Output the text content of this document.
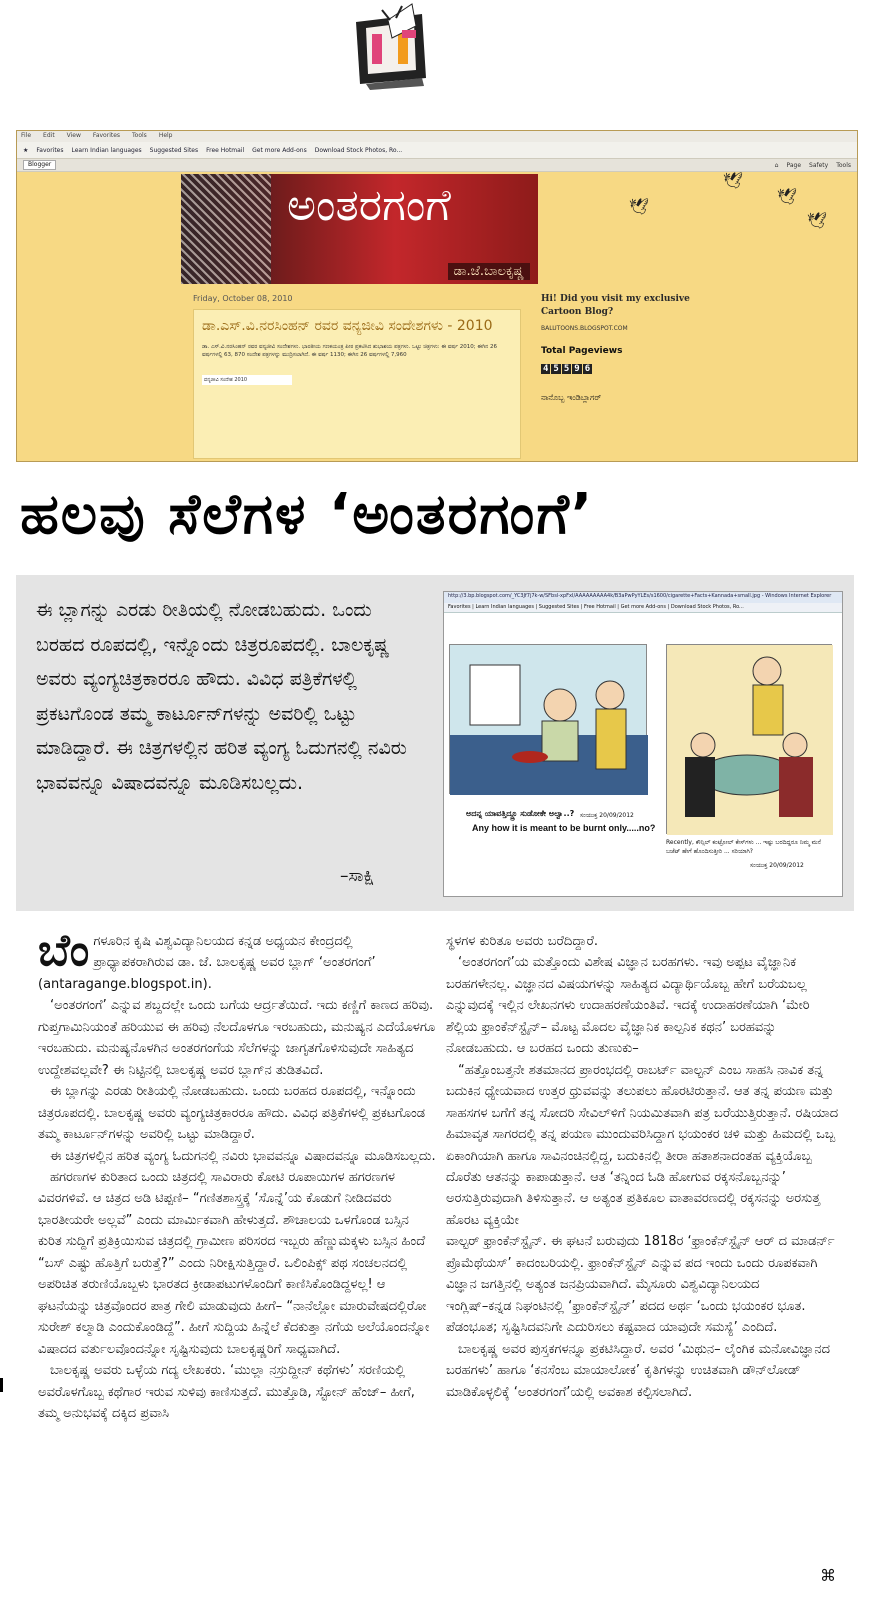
File Edit View Favorites Tools Help
★ Favorites Learn Indian languages Suggested Sites Free Hotmail Get more Add-ons Download Stock Photos, Ro...
Blogger	⌂ Page Safety Tools
ಅಂತರಗಂಗೆ
ಡಾ.ಜೆ.ಬಾಲಕೃಷ್ಣ
🕊
🕊
🕊
🕊
Friday, October 08, 2010
ಡಾ.ಎಸ್.ವಿ.ನರಸಿಂಹನ್ ರವರ ವನ್ಯಜೀವಿ ಸಂದೇಶಗಳು - 2010
ಡಾ. ಎಸ್.ವಿ.ನರಸಿಂಹನ್ ರವರ ವನ್ಯಜೀವಿ ಸಂದೇಶಗಳು. ಭಾರತೀಯ ಗಣಕಯಂತ್ರ ಪೀಠ ಪ್ರಕಟಿಸಿದ ಶುಭಾಶಯ ಪತ್ರಗಳು. ಒಟ್ಟು ಚಿತ್ರಗಳು: ಈ ವರ್ಷ 2010; ಈಗಿನ 26 ವರ್ಷಗಳಲ್ಲಿ 63, 870 ಸಂದೇಶ ಪತ್ರಗಳನ್ನು ಮುದ್ರಿಸಲಾಗಿದೆ. ಈ ವರ್ಷ 1130; ಈಗಿನ 26 ವರ್ಷಗಳಲ್ಲಿ 7,960
ವನ್ಯಜೀವಿ ಸಂದೇಶ 2010
Hi! Did you visit my exclusive Cartoon Blog?
BALUTOONS.BLOGSPOT.COM
Total Pageviews
4 5 5 9 6
ನಾನೊಬ್ಬ ಇಂಡಿಬ್ಲಾಗರ್
ಹಲವು ಸೆಲೆಗಳ ‘ಅಂತರಗಂಗೆ’
ಈ ಬ್ಲಾಗನ್ನು ಎರಡು ರೀತಿಯಲ್ಲಿ ನೋಡಬಹುದು. ಒಂದು ಬರಹದ ರೂಪದಲ್ಲಿ, ಇನ್ನೊಂದು ಚಿತ್ರರೂಪದಲ್ಲಿ. ಬಾಲಕೃಷ್ಣ ಅವರು ವ್ಯಂಗ್ಯಚಿತ್ರಕಾರರೂ ಹೌದು. ವಿವಿಧ ಪತ್ರಿಕೆಗಳಲ್ಲಿ ಪ್ರಕಟಗೊಂಡ ತಮ್ಮ ಕಾರ್ಟೂನ್‌ಗಳನ್ನು ಅವರಿಲ್ಲಿ ಒಟ್ಟು ಮಾಡಿದ್ದಾರೆ. ಈ ಚಿತ್ರಗಳಲ್ಲಿನ ಹರಿತ ವ್ಯಂಗ್ಯ ಓದುಗನಲ್ಲಿ ನವಿರು ಭಾವವನ್ನೂ ವಿಷಾದವನ್ನೂ ಮೂಡಿಸಬಲ್ಲದು.
–ಸಾಕ್ಷಿ
http://3.bp.blogspot.com/_YC3Jf7j7k-w/SFbsl-xpFxI/AAAAAAAAA4k/B3aPwPyYLEs/s1600/cigarette+Facts+Kannada+small.jpg - Windows Internet Explorer
Favorites | Learn Indian languages | Suggested Sites | Free Hotmail | Get more Add-ons | Download Stock Photos, Ro...
ಅದನ್ನ ಯಾವತ್ತಿದ್ದ್ರೂ ಸುಡೋಕೇ ಅಲ್ವಾ..? ಸಂಯುಕ್ತ 20/09/2012
Any how it is meant to be burnt only.....no?
Recently, ಕೌನ್ಸಿಲ್ ಕಂಟ್ರೋಲ್ ಕೇಸ್‌ಗಳು ... ಇಷ್ಟು ಬರದಿದ್ದರೂ ನಿಮ್ಮ ಮನೆ ಬಜೆಟ್ ಹೇಗೆ ಹೊಂದಿಸುತ್ತೀರಿ ... ಸರಿಯಾಗಿ?
ಸಂಯುಕ್ತ 20/09/2012

ಬೆಂಗಳೂರಿನ ಕೃಷಿ ವಿಶ್ವವಿದ್ಯಾನಿಲಯದ ಕನ್ನಡ ಅಧ್ಯಯನ ಕೇಂದ್ರದಲ್ಲಿ ಪ್ರಾಧ್ಯಾಪಕರಾಗಿರುವ ಡಾ. ಜೆ. ಬಾಲಕೃಷ್ಣ ಅವರ ಬ್ಲಾಗ್ ‘ಅಂತರಗಂಗೆ’ (antaragange.blogspot.in).

‘ಅಂತರಗಂಗೆ’ ಎನ್ನುವ ಶಬ್ದದಲ್ಲೇ ಒಂದು ಬಗೆಯ ಆರ್ದ್ರತೆಯಿದೆ. ಇದು ಕಣ್ಣಿಗೆ ಕಾಣದ ಹರಿವು. ಗುಪ್ತಗಾಮಿನಿಯಂತೆ ಹರಿಯುವ ಈ ಹರಿವು ನೆಲದೊಳಗೂ ಇರಬಹುದು, ಮನುಷ್ಯನ ಎದೆಯೊಳಗೂ ಇರಬಹುದು. ಮನುಷ್ಯನೊಳಗಿನ ಅಂತರಗಂಗೆಯ ಸೆಲೆಗಳನ್ನು ಜಾಗೃತಗೊಳಿಸುವುದೇ ಸಾಹಿತ್ಯದ ಉದ್ದೇಶವಲ್ಲವೇ? ಈ ನಿಟ್ಟಿನಲ್ಲಿ ಬಾಲಕೃಷ್ಣ ಅವರ ಬ್ಲಾಗ್‌ನ ತುಡಿತವಿದೆ.

ಈ ಬ್ಲಾಗನ್ನು ಎರಡು ರೀತಿಯಲ್ಲಿ ನೋಡಬಹುದು. ಒಂದು ಬರಹದ ರೂಪದಲ್ಲಿ, ಇನ್ನೊಂದು ಚಿತ್ರರೂಪದಲ್ಲಿ. ಬಾಲಕೃಷ್ಣ ಅವರು ವ್ಯಂಗ್ಯಚಿತ್ರಕಾರರೂ ಹೌದು. ವಿವಿಧ ಪತ್ರಿಕೆಗಳಲ್ಲಿ ಪ್ರಕಟಗೊಂಡ ತಮ್ಮ ಕಾರ್ಟೂನ್‌ಗಳನ್ನು ಅವರಿಲ್ಲಿ ಒಟ್ಟು ಮಾಡಿದ್ದಾರೆ.

ಈ ಚಿತ್ರಗಳಲ್ಲಿನ ಹರಿತ ವ್ಯಂಗ್ಯ ಓದುಗನಲ್ಲಿ ನವಿರು ಭಾವವನ್ನೂ ವಿಷಾದವನ್ನೂ ಮೂಡಿಸಬಲ್ಲದು.

ಹಗರಣಗಳ ಕುರಿತಾದ ಒಂದು ಚಿತ್ರದಲ್ಲಿ ಸಾವಿರಾರು ಕೋಟಿ ರೂಪಾಯಿಗಳ ಹಗರಣಗಳ ವಿವರಗಳಿವೆ. ಆ ಚಿತ್ರದ ಅಡಿ ಟಿಪ್ಪಣಿ– “ಗಣಿತಶಾಸ್ತ್ರಕ್ಕೆ ‘ಸೊನ್ನೆ’ಯ ಕೊಡುಗೆ ನೀಡಿದವರು ಭಾರತೀಯರೇ ಅಲ್ಲವೆ” ಎಂದು ಮಾರ್ಮಿಕವಾಗಿ ಹೇಳುತ್ತದೆ. ಶೌಚಾಲಯ ಒಳಗೊಂಡ ಬಸ್ಸಿನ ಕುರಿತ ಸುದ್ದಿಗೆ ಪ್ರತಿಕ್ರಿಯಿಸುವ ಚಿತ್ರದಲ್ಲಿ ಗ್ರಾಮೀಣ ಪರಿಸರದ ಇಬ್ಬರು ಹೆಣ್ಣುಮಕ್ಕಳು ಬಸ್ಸಿನ ಹಿಂದೆ “ಬಸ್ ಎಷ್ಟು ಹೊತ್ತಿಗೆ ಬರುತ್ತೆ?” ಎಂದು ನಿರೀಕ್ಷಿಸುತ್ತಿದ್ದಾರೆ. ಒಲಿಂಪಿಕ್ಸ್ ಪಥ ಸಂಚಲನದಲ್ಲಿ ಅಪರಿಚಿತ ತರುಣಿಯೊಬ್ಬಳು ಭಾರತದ ಕ್ರೀಡಾಪಟುಗಳೊಂದಿಗೆ ಕಾಣಿಸಿಕೊಂಡಿದ್ದಳಲ್ಲ! ಆ ಘಟನೆಯನ್ನು ಚಿತ್ರವೊಂದರ ಪಾತ್ರ ಗೇಲಿ ಮಾಡುವುದು ಹೀಗೆ– “ನಾನೆಲ್ಲೋ ಮಾರುವೇಷದಲ್ಲಿರೋ ಸುರೇಶ್ ಕಲ್ಮಾಡಿ ಎಂದುಕೊಂಡಿದ್ದೆ”. ಹೀಗೆ ಸುದ್ದಿಯ ಹಿನ್ನೆಲೆ ಕೆದಕುತ್ತಾ ನಗೆಯ ಅಲೆಯೊಂದನ್ನೋ ವಿಷಾದದ ವರ್ತುಲವೊಂದನ್ನೋ ಸೃಷ್ಟಿಸುವುದು ಬಾಲಕೃಷ್ಣರಿಗೆ ಸಾಧ್ಯವಾಗಿದೆ.

ಬಾಲಕೃಷ್ಣ ಅವರು ಒಳ್ಳೆಯ ಗದ್ಯ ಲೇಖಕರು. ‘ಮುಲ್ಲಾ ನಸ್ರುದ್ದೀನ್ ಕಥೆಗಳು’ ಸರಣಿಯಲ್ಲಿ ಅವರೊಳಗೊಬ್ಬ ಕಥೆಗಾರ ಇರುವ ಸುಳಿವು ಕಾಣಿಸುತ್ತದೆ. ಮುತ್ತೊಡಿ, ಸ್ಟೋನ್ ಹೆಂಜ್– ಹೀಗೆ, ತಮ್ಮ ಅನುಭವಕ್ಕೆ ದಕ್ಕಿದ ಪ್ರವಾಸಿ

ಸ್ಥಳಗಳ ಕುರಿತೂ ಅವರು ಬರೆದಿದ್ದಾರೆ.

‘ಅಂತರಗಂಗೆ’ಯ ಮತ್ತೊಂದು ವಿಶೇಷ ವಿಜ್ಞಾನ ಬರಹಗಳು. ಇವು ಅಪ್ಪಟ ವೈಜ್ಞಾನಿಕ ಬರಹಗಳೇನಲ್ಲ. ವಿಜ್ಞಾನದ ವಿಷಯಗಳನ್ನು ಸಾಹಿತ್ಯದ ವಿದ್ಯಾರ್ಥಿಯೊಬ್ಬ ಹೇಗೆ ಬರೆಯಬಲ್ಲ ಎನ್ನುವುದಕ್ಕೆ ಇಲ್ಲಿನ ಲೇಖನಗಳು ಉದಾಹರಣೆಯಂತಿವೆ. ಇದಕ್ಕೆ ಉದಾಹರಣೆಯಾಗಿ ‘ಮೇರಿ ಶೆಲ್ಲಿಯ ಫ್ರಾಂಕೆನ್‌ಸ್ಟೈನ್– ಮೊಟ್ಟ ಮೊದಲ ವೈಜ್ಞಾನಿಕ ಕಾಲ್ಪನಿಕ ಕಥನ’ ಬರಹವನ್ನು ನೋಡಬಹುದು. ಆ ಬರಹದ ಒಂದು ತುಣುಕು–

“ಹತ್ತೊಂಬತ್ತನೇ ಶತಮಾನದ ಪ್ರಾರಂಭದಲ್ಲಿ ರಾಬರ್ಟ್ ವಾಲ್ಟನ್ ಎಂಬ ಸಾಹಸಿ ನಾವಿಕ ತನ್ನ ಬದುಕಿನ ಧ್ಯೇಯವಾದ ಉತ್ತರ ಧ್ರುವವನ್ನು ತಲುಪಲು ಹೊರಟಿರುತ್ತಾನೆ. ಆತ ತನ್ನ ಪಯಣ ಮತ್ತು ಸಾಹಸಗಳ ಬಗೆಗೆ ತನ್ನ ಸೋದರಿ ಸೇವಿಲ್‌ಳಿಗೆ ನಿಯಮಿತವಾಗಿ ಪತ್ರ ಬರೆಯುತ್ತಿರುತ್ತಾನೆ. ರಷಿಯಾದ ಹಿಮಾವೃತ ಸಾಗರದಲ್ಲಿ ತನ್ನ ಪಯಣ ಮುಂದುವರಿಸಿದ್ದಾಗ ಭಯಂಕರ ಚಳಿ ಮತ್ತು ಹಿಮದಲ್ಲಿ ಒಬ್ಬ ಏಕಾಂಗಿಯಾಗಿ ಹಾಗೂ ಸಾವಿನಂಚಿನಲ್ಲಿದ್ದ, ಬದುಕಿನಲ್ಲಿ ತೀರಾ ಹತಾಶನಾದಂತಹ ವ್ಯಕ್ತಿಯೊಬ್ಬ ದೊರೆತು ಆತನನ್ನು ಕಾಪಾಡುತ್ತಾನೆ. ಆತ ‘ತನ್ನಿಂದ ಓಡಿ ಹೋಗುವ ರಕ್ಕಸನೊಬ್ಬನನ್ನು’ ಅರಸುತ್ತಿರುವುದಾಗಿ ತಿಳಿಸುತ್ತಾನೆ. ಆ ಅತ್ಯಂತ ಪ್ರತಿಕೂಲ ವಾತಾವರಣದಲ್ಲಿ ರಕ್ಕಸನನ್ನು ಅರಸುತ್ತ ಹೊರಟ ವ್ಯಕ್ತಿಯೇ

ವಾಲ್ಟರ್ ಫ್ರಾಂಕೆನ್‌ಸ್ಟೈನ್. ಈ ಘಟನೆ ಬರುವುದು 1818ರ ‘ಫ್ರಾಂಕೆನ್‌ಸ್ಟೈನ್ ಆರ್ ದ ಮಾಡರ್ನ್ ಪ್ರೊಮೆಥೆಯಸ್’ ಕಾದಂಬರಿಯಲ್ಲಿ. ಫ್ರಾಂಕೆನ್‌ಸ್ಟೈನ್ ಎನ್ನುವ ಪದ ಇಂದು ಒಂದು ರೂಪಕವಾಗಿ ವಿಜ್ಞಾನ ಜಗತ್ತಿನಲ್ಲಿ ಅತ್ಯಂತ ಜನಪ್ರಿಯವಾಗಿದೆ. ಮೈಸೂರು ವಿಶ್ವವಿದ್ಯಾನಿಲಯದ

ಇಂಗ್ಲಿಷ್–ಕನ್ನಡ ನಿಘಂಟಿನಲ್ಲಿ ‘ಫ್ರಾಂಕೆನ್‌ಸ್ಟೈನ್’ ಪದದ ಅರ್ಥ ‘ಒಂದು ಭಯಂಕರ ಭೂತ. ಪೆಡಂಭೂತ; ಸೃಷ್ಟಿಸಿದವನಿಗೇ ಎದುರಿಸಲು ಕಷ್ಟವಾದ ಯಾವುದೇ ಸಮಸ್ಯೆ’ ಎಂದಿದೆ.

ಬಾಲಕೃಷ್ಣ ಅವರ ಪುಸ್ತಕಗಳನ್ನೂ ಪ್ರಕಟಿಸಿದ್ದಾರೆ. ಅವರ ‘ಮಿಥುನ– ಲೈಂಗಿಕ ಮನೋವಿಜ್ಞಾನದ ಬರಹಗಳು’ ಹಾಗೂ ‘ಕನಸೆಂಬ ಮಾಯಾಲೋಕ’ ಕೃತಿಗಳನ್ನು ಉಚಿತವಾಗಿ ಡೌನ್‌ಲೋಡ್ ಮಾಡಿಕೊಳ್ಳಲಿಕ್ಕೆ ‘ಅಂತರಗಂಗೆ’ಯಲ್ಲಿ ಅವಕಾಶ ಕಲ್ಪಿಸಲಾಗಿದೆ.

⌘
